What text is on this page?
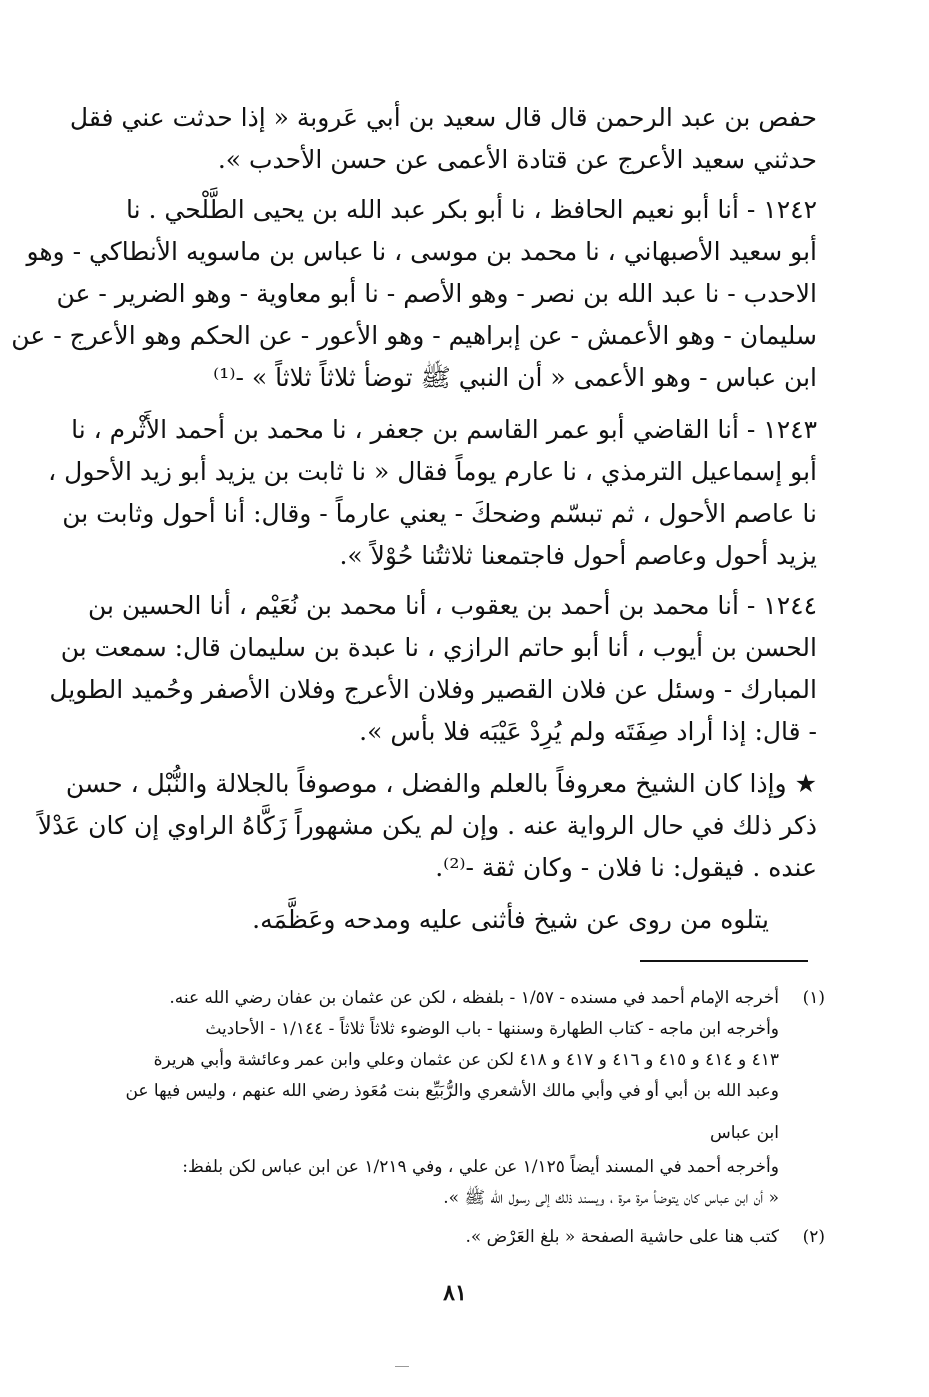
حفص بن عبد الرحمن قال قال سعيد بن أبي عَروبة « إذا حدثت عني فقل
حدثني سعيد الأعرج عن قتادة الأعمى عن حسن الأحدب ».
١٢٤٢ - أنا أبو نعيم الحافظ ، نا أبو بكر عبد الله بن يحيى الطَّلْحي . نا
أبو سعيد الأصبهاني ، نا محمد بن موسى ، نا عباس بن ماسويه الأنطاكي - وهو
الاحدب - نا عبد الله بن نصر - وهو الأصم - نا أبو معاوية - وهو الضرير - عن
سليمان - وهو الأعمش - عن إبراهيم - وهو الأعور - عن الحكم وهو الأعرج - عن
ابن عباس - وهو الأعمى « أن النبي ﷺ توضأ ثلاثاً ثلاثاً » -⁽¹⁾
١٢٤٣ - أنا القاضي أبو عمر القاسم بن جعفر ، نا محمد بن أحمد الأَثْرم ، نا
أبو إسماعيل الترمذي ، نا عارم يوماً فقال « نا ثابت بن يزيد أبو زيد الأحول ،
نا عاصم الأحول ، ثم تبسّم وضحكَ - يعني عارماً - وقال: أنا أحول وثابت بن
يزيد أحول وعاصم أحول فاجتمعنا ثلاثتُنا حُوْلاً ».
١٢٤٤ - أنا محمد بن أحمد بن يعقوب ، أنا محمد بن نُعَيْم ، أنا الحسين بن
الحسن بن أيوب ، أنا أبو حاتم الرازي ، نا عبدة بن سليمان قال: سمعت بن
المبارك - وسئل عن فلان القصير وفلان الأعرج وفلان الأصفر وحُميد الطويل
- قال: إذا أراد صِفَتَه ولم يُرِدْ عَيْبَه فلا بأس ».
★ وإذا كان الشيخ معروفاً بالعلم والفضل ، موصوفاً بالجلالة والنُّبْل ، حسن
ذكر ذلك في حال الرواية عنه . وإن لم يكن مشهوراً زَكَّاهُ الراوي إن كان عَدْلاً
عنده . فيقول: نا فلان - وكان ثقة -⁽²⁾.
يتلوه من روى عن شيخ فأثنى عليه ومدحه وعَظَّمَه.
(١)
أخرجه الإمام أحمد في مسنده - ١/٥٧ - بلفظه ، لكن عن عثمان بن عفان رضي الله عنه.
وأخرجه ابن ماجه - كتاب الطهارة وسننها - باب الوضوء ثلاثاً ثلاثاً - ١/١٤٤ - الأحاديث
٤١٣ و ٤١٤ و ٤١٥ و ٤١٦ و ٤١٧ و ٤١٨ لكن عن عثمان وعلي وابن عمر وعائشة وأبي هريرة
وعبد الله بن أبي أو في وأبي مالك الأشعري والرُّبَيِّع بنت مُعَوذ رضي الله عنهم ، وليس فيها عن
ابن عباس
وأخرجه أحمد في المسند أيضاً ١/١٢٥ عن علي ، وفي ١/٢١٩ عن ابن عباس لكن بلفظ:
« أن ابن عباس كان يتوضأ مرة مرة ، ويسند ذلك إلى رسول الله ﷺ ».
(٢)
كتب هنا على حاشية الصفحة « بلغ العَرْض ».
٨١
